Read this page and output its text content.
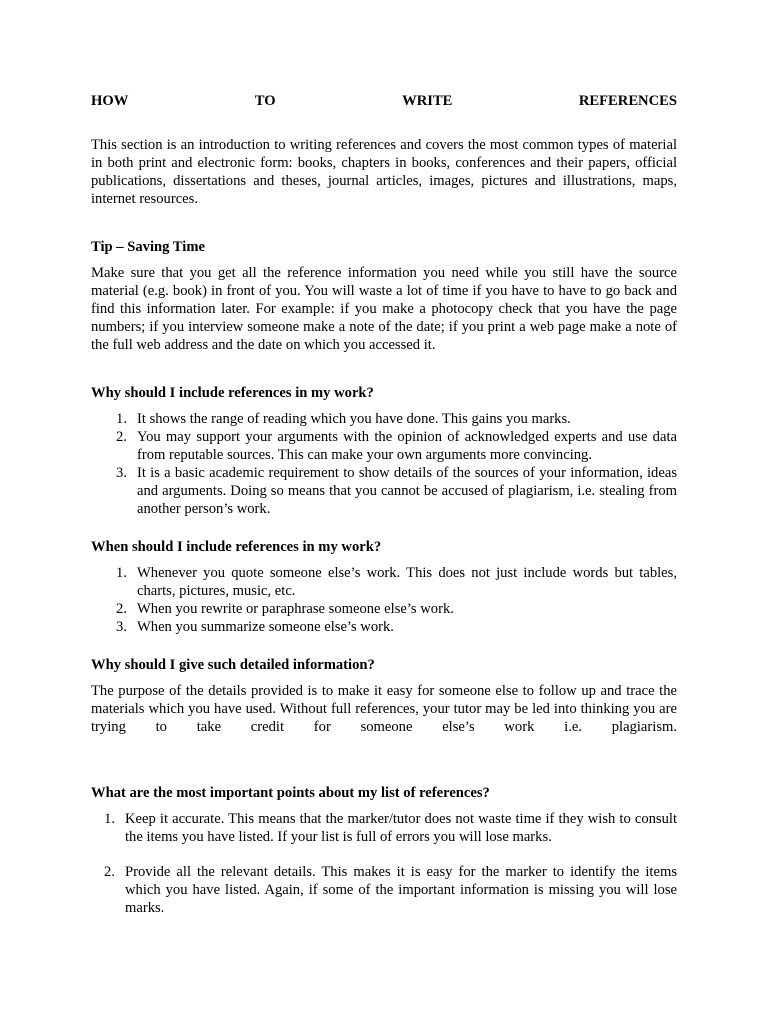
HOW	TO	WRITE	REFERENCES

This section is an introduction to writing references and covers the most common types of material in both print and electronic form: books, chapters in books, conferences and their papers, official publications, dissertations and theses, journal articles, images, pictures and illustrations, maps, internet resources.

Tip – Saving Time

Make sure that you get all the reference information you need while you still have the source material (e.g. book) in front of you. You will waste a lot of time if you have to have to go back and find this information later. For example: if you make a photocopy check that you have the page numbers; if you interview someone make a note of the date; if you print a web page make a note of the full web address and the date on which you accessed it.

Why should I include references in my work?

1. It shows the range of reading which you have done. This gains you marks.
2. You may support your arguments with the opinion of acknowledged experts and use data from reputable sources. This can make your own arguments more convincing.
3. It is a basic academic requirement to show details of the sources of your information, ideas and arguments. Doing so means that you cannot be accused of plagiarism, i.e. stealing from another person’s work.

When should I include references in my work?

1. Whenever you quote someone else’s work. This does not just include words but tables, charts, pictures, music, etc.
2. When you rewrite or paraphrase someone else’s work.
3. When you summarize someone else’s work.

Why should I give such detailed information?

The purpose of the details provided is to make it easy for someone else to follow up and trace the materials which you have used. Without full references, your tutor may be led into thinking you are trying to take credit for someone else’s work i.e. plagiarism.

What are the most important points about my list of references?

1. Keep it accurate. This means that the marker/tutor does not waste time if they wish to consult the items you have listed. If your list is full of errors you will lose marks.
2. Provide all the relevant details. This makes it is easy for the marker to identify the items which you have listed. Again, if some of the important information is missing you will lose marks.
